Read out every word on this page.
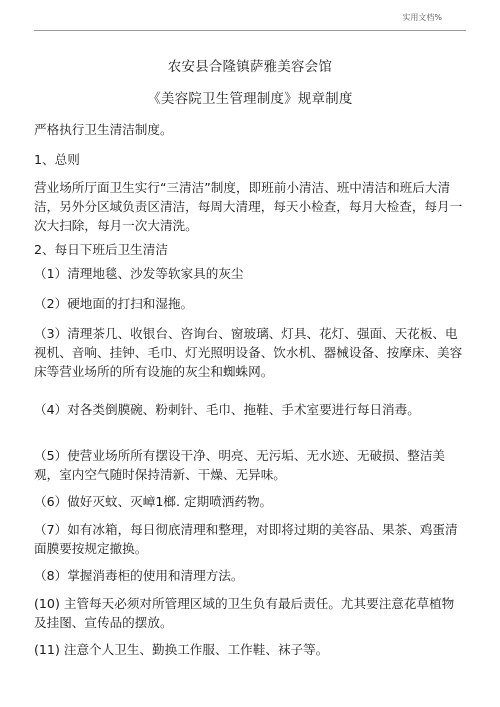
实用文档%
农安县合隆镇萨雅美容会馆
《美容院卫生管理制度》规章制度
严格执行卫生清洁制度。
1、总则
营业场所厅面卫生实行“三清洁”制度，即班前小清洁、班中清洁和班后大清洁，另外分区域负责区清洁，每周大清理，每天小检查，每月大检查，每月一次大扫除，每月一次大清洗。
2、每日下班后卫生清洁
（1）清理地毯、沙发等软家具的灰尘
（2）硬地面的打扫和湿拖。
（3）清理茶几、收银台、咨询台、窗玻璃、灯具、花灯、强面、天花板、电视机、音响、挂钟、毛巾、灯光照明设备、饮水机、器械设备、按摩床、美容床等营业场所的所有设施的灰尘和蜘蛛网。
（4）对各类倒膜碗、粉刺针、毛巾、拖鞋、手术室要进行每日消毒。
（5）使营业场所所有摆设干净、明亮、无污垢、无水迹、无破损、整洁美观，室内空气随时保持清新、干燥、无异味。
（6）做好灭蚊、灭嶂1榔. 定期喷洒药物。
（7）如有冰箱，每日彻底清理和整理，对即将过期的美容品、果茶、鸡蛋清面膜要按规定撤换。
（8）掌握消毒柜的使用和清理方法。
(10) 主管每天必须对所管理区域的卫生负有最后责任。尤其要注意花草植物及挂图、宣传品的摆放。
(11) 注意个人卫生、勤换工作服、工作鞋、袜子等。
